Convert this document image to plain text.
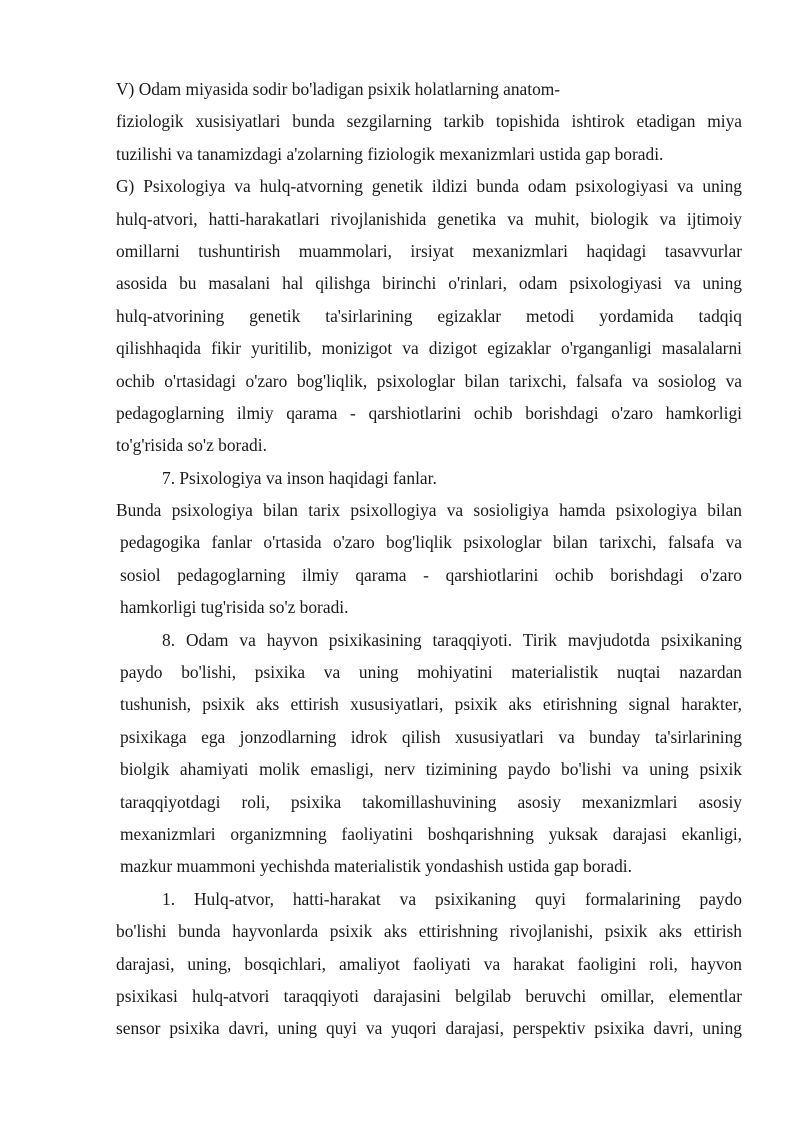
V) Odam miyasida sodir bo'ladigan psixik holatlarning anatom-
fiziologik xusisiyatlari bunda sezgilarning tarkib topishida ishtirok etadigan miya
tuzilishi va tanamizdagi a'zolarning fiziologik mexanizmlari ustida gap boradi.
G) Psixologiya va hulq-atvorning genetik ildizi bunda odam psixologiyasi va uning
hulq-atvori, hatti-harakatlari rivojlanishida genetika va muhit, biologik va ijtimoiy
omillarni tushuntirish muammolari, irsiyat mexanizmlari haqidagi tasavvurlar
asosida bu masalani hal qilishga birinchi o'rinlari, odam psixologiyasi va uning
hulq-atvorining genetik ta'sirlarining egizaklar metodi yordamida tadqiq
qilishhaqida fikir yuritilib, monizigot va dizigot egizaklar o'rganganligi masalalarni
ochib o'rtasidagi o'zaro bog'liqlik, psixologlar bilan tarixchi, falsafa va sosiolog va
pedagoglarning ilmiy qarama - qarshiotlarini ochib borishdagi o'zaro hamkorligi
to'g'risida so'z boradi.
7. Psixologiya va inson haqidagi fanlar.
Bunda psixologiya bilan tarix psixollogiya va sosioligiya hamda psixologiya bilan
pedagogika fanlar o'rtasida o'zaro bog'liqlik psixologlar bilan tarixchi, falsafa va
sosiol pedagoglarning ilmiy qarama - qarshiotlarini ochib borishdagi o'zaro
hamkorligi tug'risida so'z boradi.
8. Odam va hayvon psixikasining taraqqiyoti. Tirik mavjudotda psixikaning
paydo bo'lishi, psixika va uning mohiyatini materialistik nuqtai nazardan
tushunish, psixik aks ettirish xususiyatlari, psixik aks etirishning signal harakter,
psixikaga ega jonzodlarning idrok qilish xususiyatlari va bunday ta'sirlarining
biolgik ahamiyati molik emasligi, nerv tizimining paydo bo'lishi va uning psixik
taraqqiyotdagi roli, psixika takomillashuvining asosiy mexanizmlari asosiy
mexanizmlari organizmning faoliyatini boshqarishning yuksak darajasi ekanligi,
mazkur muammoni yechishda materialistik yondashish ustida gap boradi.
1. Hulq-atvor, hatti-harakat va psixikaning quyi formalarining paydo
bo'lishi bunda hayvonlarda psixik aks ettirishning rivojlanishi, psixik aks ettirish
darajasi, uning, bosqichlari, amaliyot faoliyati va harakat faoligini roli, hayvon
psixikasi hulq-atvori taraqqiyoti darajasini belgilab beruvchi omillar, elementlar
sensor psixika davri, uning quyi va yuqori darajasi, perspektiv psixika davri, uning
